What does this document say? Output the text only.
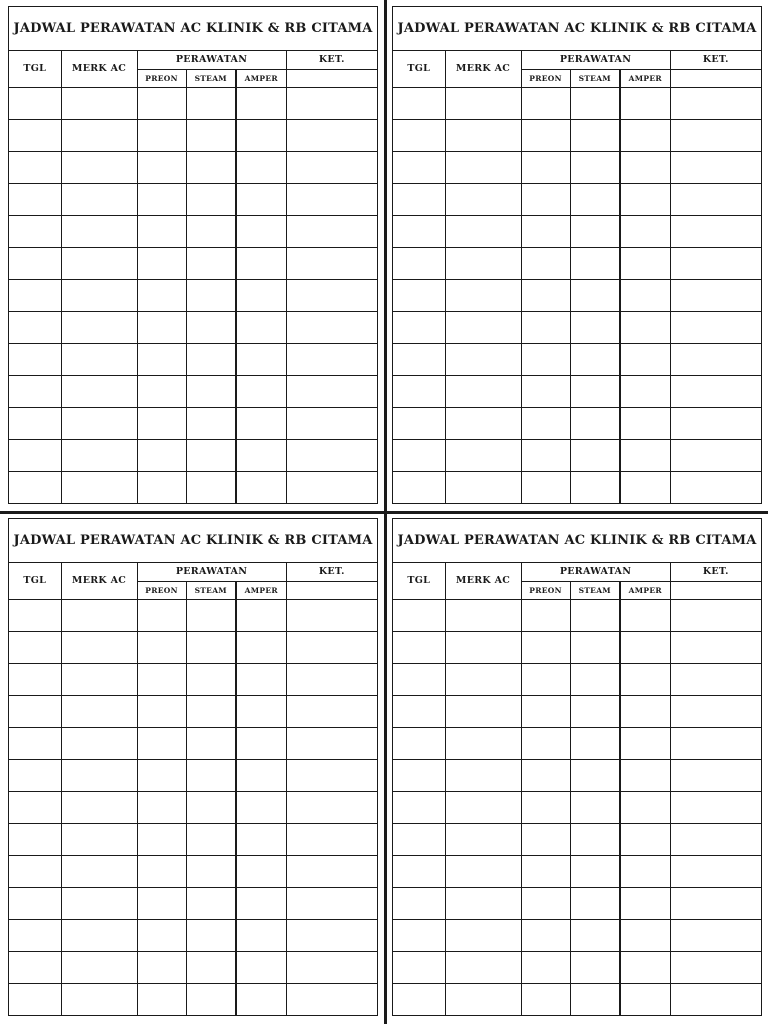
JADWAL PERAWATAN AC KLINIK & RB CITAMA
TGL	MERK AC	PERAWATAN			KET.
		PREON	STEAM	AMPER	

JADWAL PERAWATAN AC KLINIK & RB CITAMA
TGL	MERK AC	PERAWATAN			KET.
		PREON	STEAM	AMPER	

JADWAL PERAWATAN AC KLINIK & RB CITAMA
TGL	MERK AC	PERAWATAN			KET.
		PREON	STEAM	AMPER	

JADWAL PERAWATAN AC KLINIK & RB CITAMA
TGL	MERK AC	PERAWATAN			KET.
		PREON	STEAM	AMPER	
